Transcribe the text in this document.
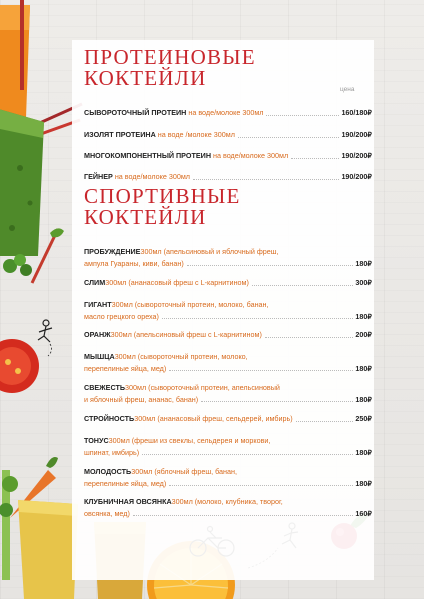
ПРОТЕИНОВЫЕ КОКТЕЙЛИ	цена
СЫВОРОТОЧНЫЙ ПРОТЕИН на воде/молоке 300мл	160/180₽
ИЗОЛЯТ ПРОТЕИНА на воде /молоке 300мл	190/200₽
МНОГОКОМПОНЕНТНЫЙ ПРОТЕИН на воде/молоке 300мл	190/200₽
ГЕЙНЕР на воде/молоке 300мл	190/200₽
СПОРТИВНЫЕ КОКТЕЙЛИ
ПРОБУЖДЕНИЕ 300мл (апельсиновый и яблочный фреш,
ампула Гуараны, киви, банан)	180₽
СЛИМ 300мл (ананасовый фреш с L-карнитином)	300₽
ГИГАНТ 300мл (сывороточный протеин, молоко, банан,
масло грецкого ореха)	180₽
ОРАНЖ 300мл (апельсиновый фреш с L-карнитином)	200₽
МЫШЦА 300мл (сывороточный протеин, молоко,
перепелиные яйца, мед)	180₽
СВЕЖЕСТЬ 300мл (сывороточный протеин, апельсиновый
и яблочный фреш, ананас, банан)	180₽
СТРОЙНОСТЬ 300мл (ананасовый фреш, сельдерей, имбирь)	250₽
ТОНУС 300мл (фреши из свеклы, сельдерея и моркови,
шпинат, имбирь)	180₽
МОЛОДОСТЬ 300мл (яблочный фреш, банан,
перепелиные яйца, мед)	180₽
КЛУБНИЧНАЯ ОВСЯНКА 300мл (молоко, клубника, творог,
овсянка, мед)	160₽
